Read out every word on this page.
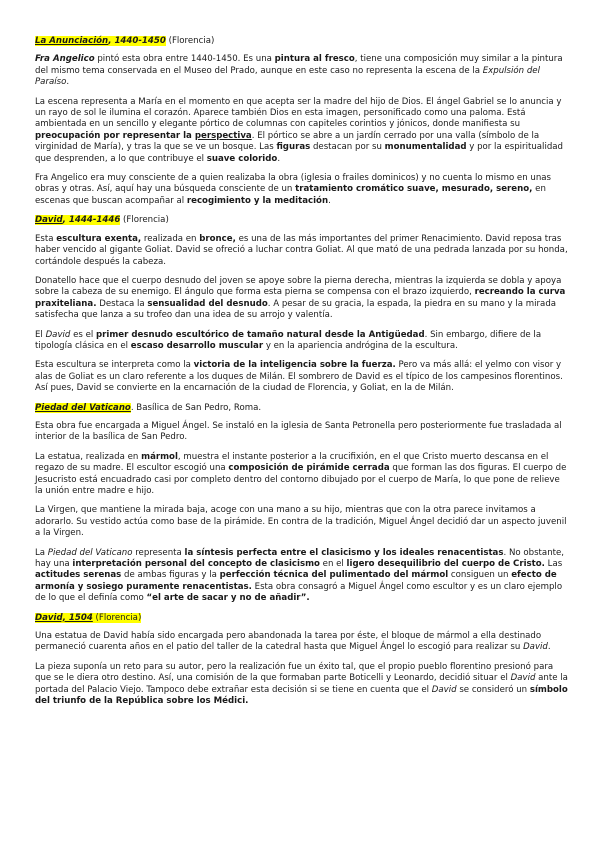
La Anunciación, 1440-1450 (Florencia)

Fra Angelico pintó esta obra entre 1440-1450. Es una pintura al fresco, tiene una composición muy similar a la pintura del mismo tema conservada en el Museo del Prado, aunque en este caso no representa la escena de la Expulsión del Paraíso.

La escena representa a María en el momento en que acepta ser la madre del hijo de Dios. El ángel Gabriel se lo anuncia y un rayo de sol le ilumina el corazón. Aparece también Dios en esta imagen, personificado como una paloma. Está ambientada en un sencillo y elegante pórtico de columnas con capiteles corintios y jónicos, donde manifiesta su preocupación por representar la perspectiva. El pórtico se abre a un jardín cerrado por una valla (símbolo de la virginidad de María), y tras la que se ve un bosque. Las figuras destacan por su monumentalidad y por la espiritualidad que desprenden, a lo que contribuye el suave colorido.

Fra Angelico era muy consciente de a quien realizaba la obra (iglesia o frailes dominicos) y no cuenta lo mismo en unas obras y otras. Así, aquí hay una búsqueda consciente de un tratamiento cromático suave, mesurado, sereno, en escenas que buscan acompañar al recogimiento y la meditación.

David, 1444-1446 (Florencia)

Esta escultura exenta, realizada en bronce, es una de las más importantes del primer Renacimiento. David reposa tras haber vencido al gigante Goliat. David se ofreció a luchar contra Goliat. Al que mató de una pedrada lanzada por su honda, cortándole después la cabeza.

Donatello hace que el cuerpo desnudo del joven se apoye sobre la pierna derecha, mientras la izquierda se dobla y apoya sobre la cabeza de su enemigo. El ángulo que forma esta pierna se compensa con el brazo izquierdo, recreando la curva praxiteliana. Destaca la sensualidad del desnudo. A pesar de su gracia, la espada, la piedra en su mano y la mirada satisfecha que lanza a su trofeo dan una idea de su arrojo y valentía.

El David es el primer desnudo escultórico de tamaño natural desde la Antigüedad. Sin embargo, difiere de la tipología clásica en el escaso desarrollo muscular y en la apariencia andrógina de la escultura.

Esta escultura se interpreta como la victoria de la inteligencia sobre la fuerza. Pero va más allá: el yelmo con visor y alas de Goliat es un claro referente a los duques de Milán. El sombrero de David es el típico de los campesinos florentinos. Así pues, David se convierte en la encarnación de la ciudad de Florencia, y Goliat, en la de Milán.

Piedad del Vaticano. Basílica de San Pedro, Roma.

Esta obra fue encargada a Miguel Ángel. Se instaló en la iglesia de Santa Petronella pero posteriormente fue trasladada al interior de la basílica de San Pedro.

La estatua, realizada en mármol, muestra el instante posterior a la crucifixión, en el que Cristo muerto descansa en el regazo de su madre. El escultor escogió una composición de pirámide cerrada que forman las dos figuras. El cuerpo de Jesucristo está encuadrado casi por completo dentro del contorno dibujado por el cuerpo de María, lo que pone de relieve la unión entre madre e hijo.

La Virgen, que mantiene la mirada baja, acoge con una mano a su hijo, mientras que con la otra parece invitamos a adorarlo. Su vestido actúa como base de la pirámide. En contra de la tradición, Miguel Ángel decidió dar un aspecto juvenil a la Virgen.

La Piedad del Vaticano representa la síntesis perfecta entre el clasicismo y los ideales renacentistas. No obstante, hay una interpretación personal del concepto de clasicismo en el ligero desequilibrio del cuerpo de Cristo. Las actitudes serenas de ambas figuras y la perfección técnica del pulimentado del mármol consiguen un efecto de armonía y sosiego puramente renacentistas. Esta obra consagró a Miguel Ángel como escultor y es un claro ejemplo de lo que el definía como “el arte de sacar y no de añadir”.

David, 1504 (Florencia)

Una estatua de David había sido encargada pero abandonada la tarea por éste, el bloque de mármol a ella destinado permaneció cuarenta años en el patio del taller de la catedral hasta que Miguel Ángel lo escogió para realizar su David.

La pieza suponía un reto para su autor, pero la realización fue un éxito tal, que el propio pueblo florentino presionó para que se le diera otro destino. Así, una comisión de la que formaban parte Boticelli y Leonardo, decidió situar el David ante la portada del Palacio Viejo. Tampoco debe extrañar esta decisión si se tiene en cuenta que el David se consideró un símbolo del triunfo de la República sobre los Médici.
